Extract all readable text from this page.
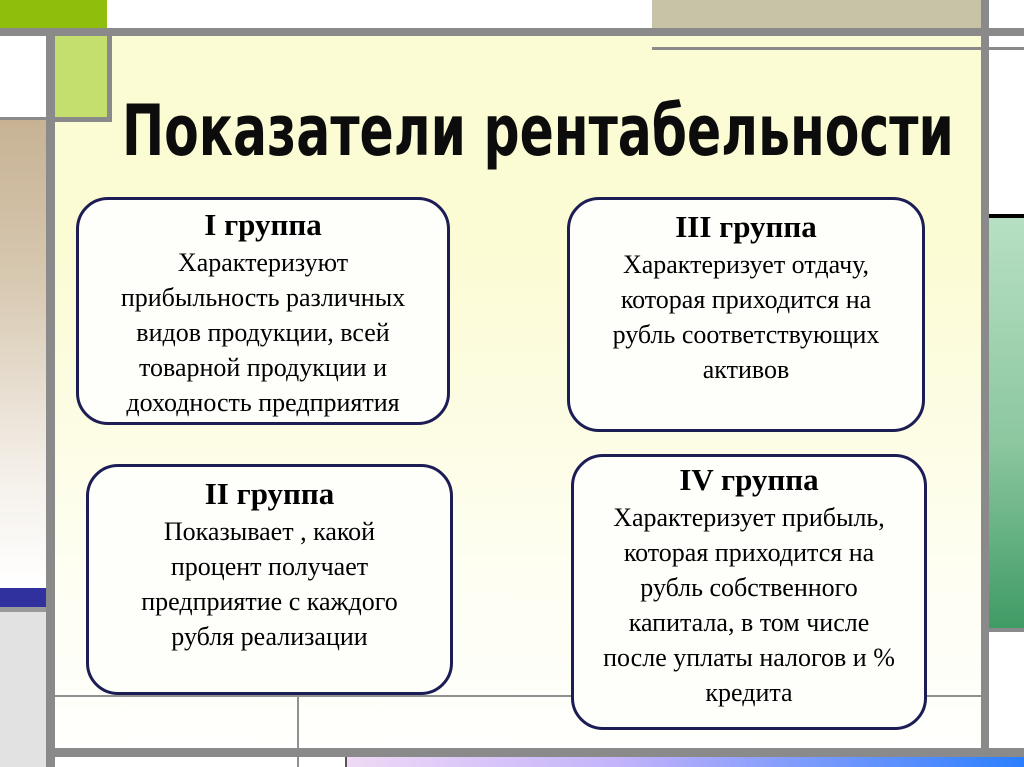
Показатели рентабельности

I группа

Характеризуют прибыльность различных видов продукции, всей товарной продукции и доходность предприятия

II группа

Показывает , какой процент получает предприятие с каждого рубля реализации

III группа

Характеризует отдачу, которая приходится на рубль соответствующих активов

IV группа

Характеризует прибыль, которая приходится на рубль собственного капитала, в том числе после уплаты налогов и % кредита
